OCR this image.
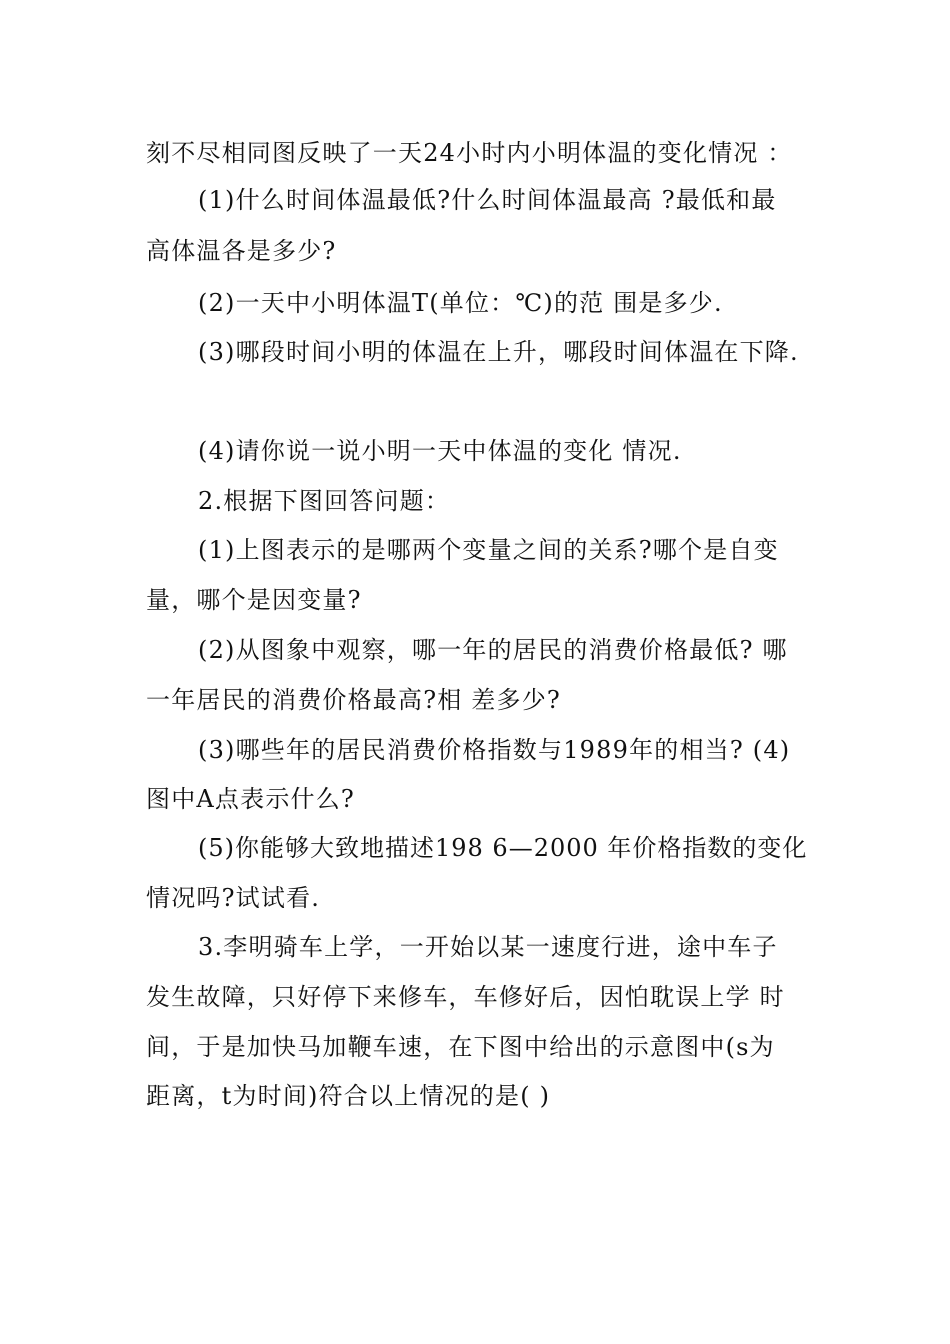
刻不尽相同图反映了一天24小时内小明体温的变化情况 ：
(1)什么时间体温最低?什么时间体温最高 ?最低和最
高体温各是多少?
(2)一天中小明体温T(单位：℃)的范 围是多少.
(3)哪段时间小明的体温在上升，哪段时间体温在下降.
(4)请你说一说小明一天中体温的变化 情况.
2.根据下图回答问题：
(1)上图表示的是哪两个变量之间的关系?哪个是自变
量，哪个是因变量?
(2)从图象中观察，哪一年的居民的消费价格最低? 哪
一年居民的消费价格最高?相 差多少?
(3)哪些年的居民消费价格指数与1989年的相当? (4)
图中A点表示什么?
(5)你能够大致地描述198 6—2000 年价格指数的变化
情况吗?试试看.
3.李明骑车上学，一开始以某一速度行进，途中车子
发生故障，只好停下来修车，车修好后，因怕耽误上学 时
间，于是加快马加鞭车速，在下图中给出的示意图中(s为
距离，t为时间)符合以上情况的是( )
